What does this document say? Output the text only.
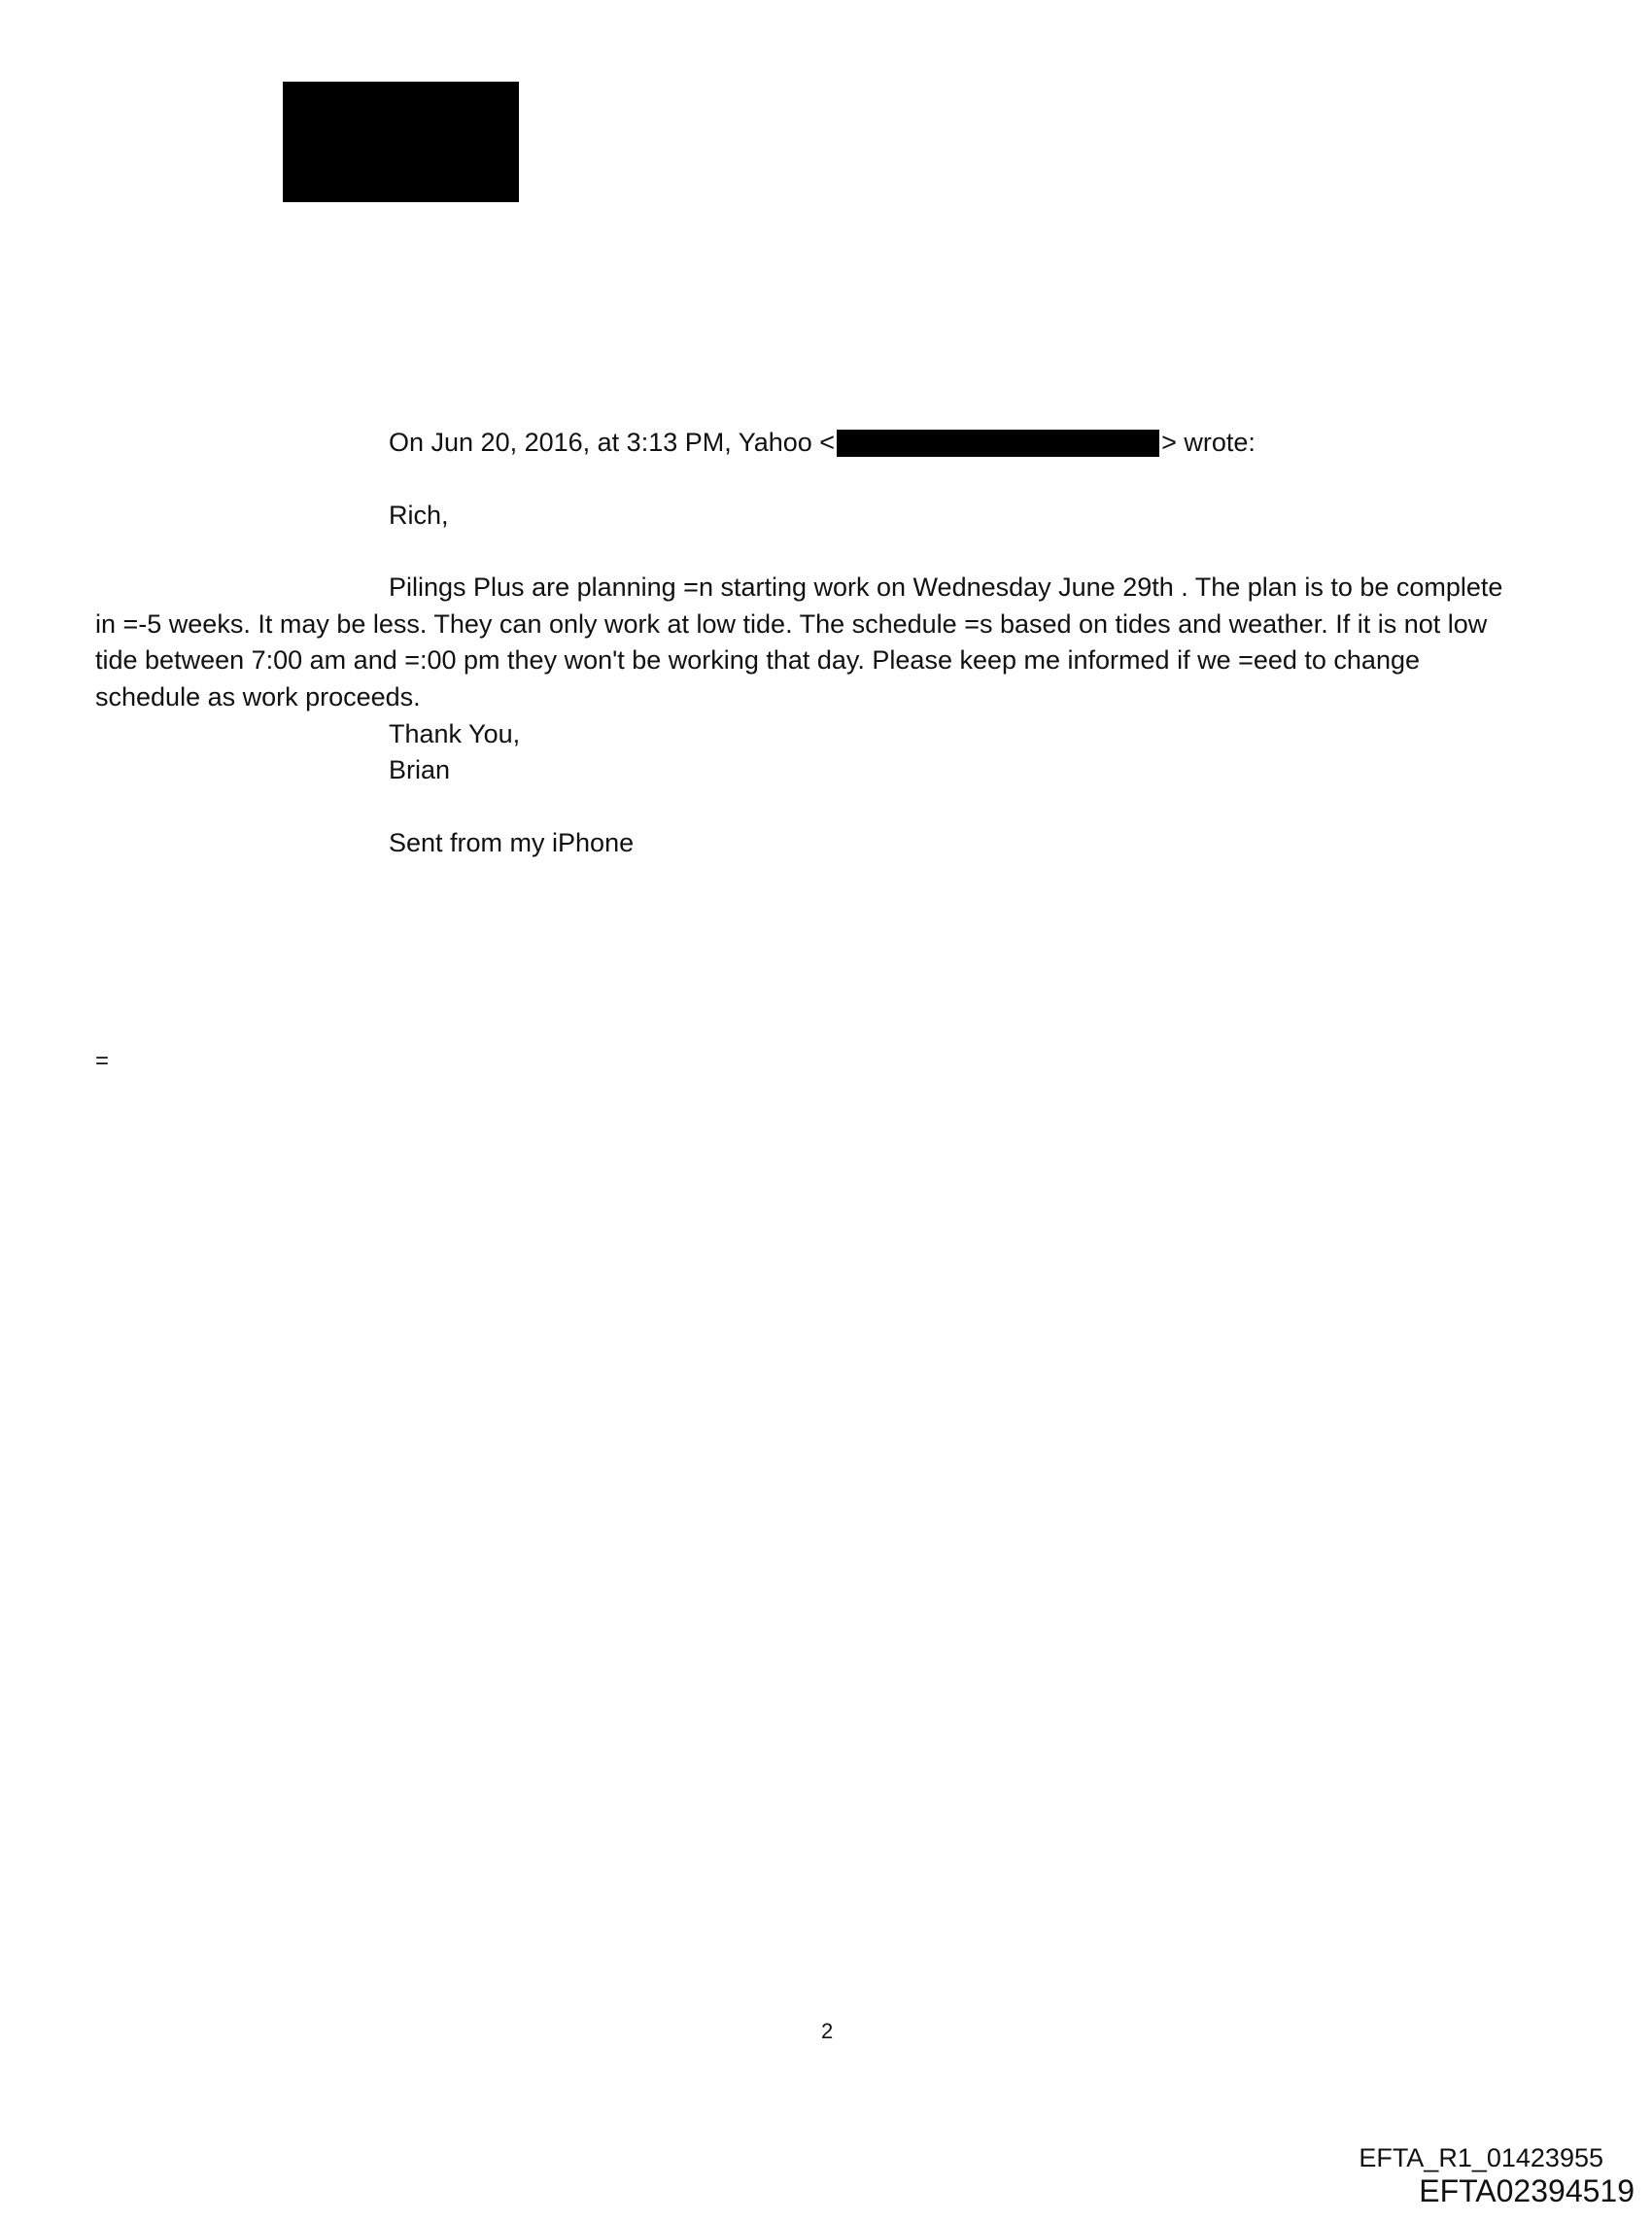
On Jun 20, 2016, at 3:13 PM, Yahoo <	> wrote:
Rich,
Pilings Plus are planning =n starting work on Wednesday June 29th . The plan is to be complete
in =-5 weeks. It may be less. They can only work at low tide. The schedule =s based on tides and weather. If it is not low
tide between 7:00 am and =:00 pm they won't be working that day. Please keep me informed if we =eed to change
schedule as work proceeds.
Thank You,
Brian
Sent from my iPhone
=
2
EFTA_R1_01423955
EFTA02394519
